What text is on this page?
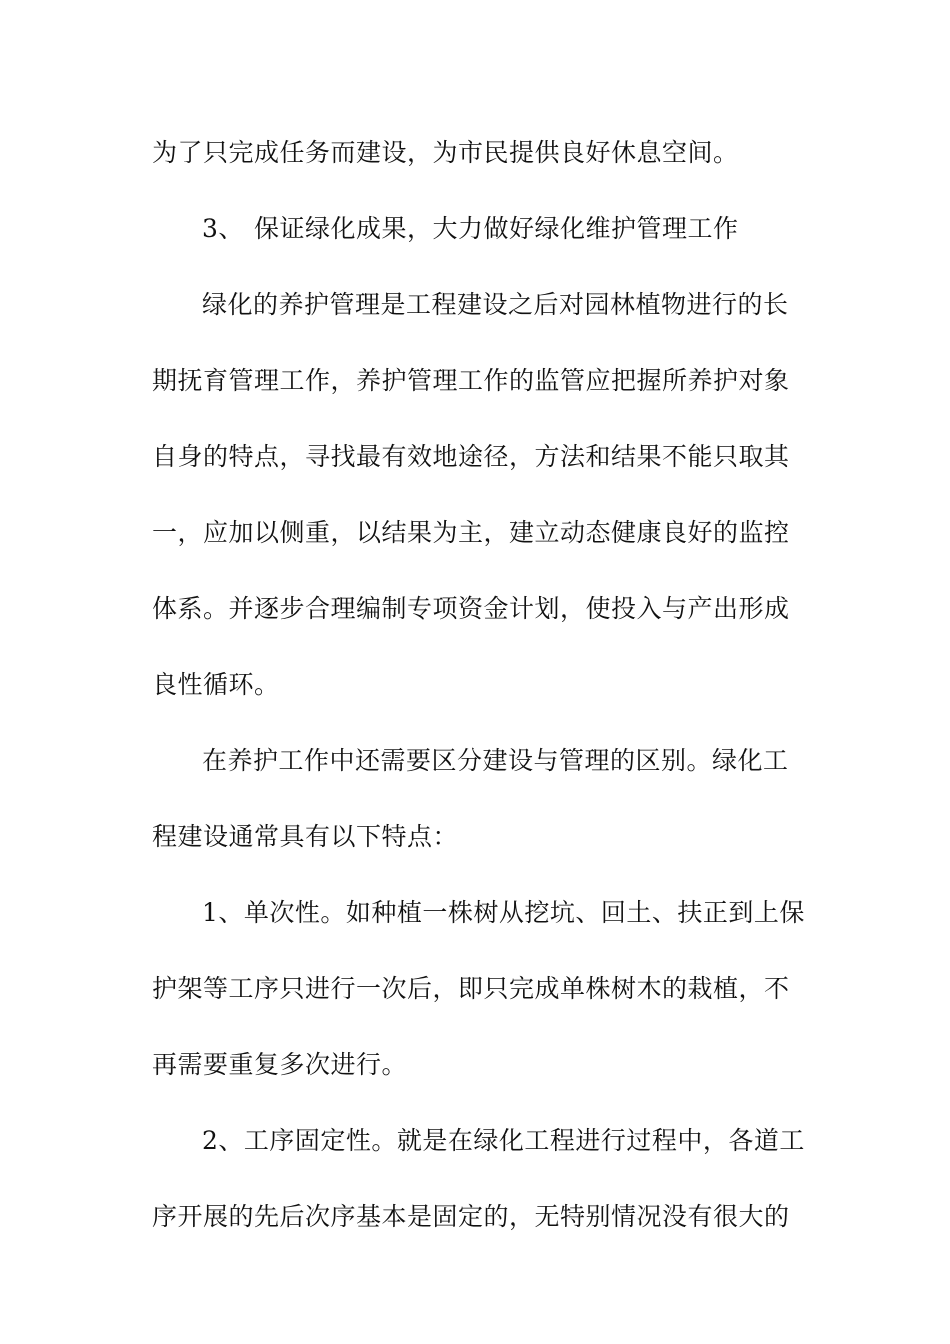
为了只完成任务而建设，为市民提供良好休息空间。
3、 保证绿化成果，大力做好绿化维护管理工作
绿化的养护管理是工程建设之后对园林植物进行的长
期抚育管理工作，养护管理工作的监管应把握所养护对象
自身的特点，寻找最有效地途径，方法和结果不能只取其
一，应加以侧重，以结果为主，建立动态健康良好的监控
体系。并逐步合理编制专项资金计划，使投入与产出形成
良性循环。
在养护工作中还需要区分建设与管理的区别。绿化工
程建设通常具有以下特点：
1、单次性。如种植一株树从挖坑、回土、扶正到上保
护架等工序只进行一次后，即只完成单株树木的栽植，不
再需要重复多次进行。
2、工序固定性。就是在绿化工程进行过程中，各道工
序开展的先后次序基本是固定的，无特别情况没有很大的
